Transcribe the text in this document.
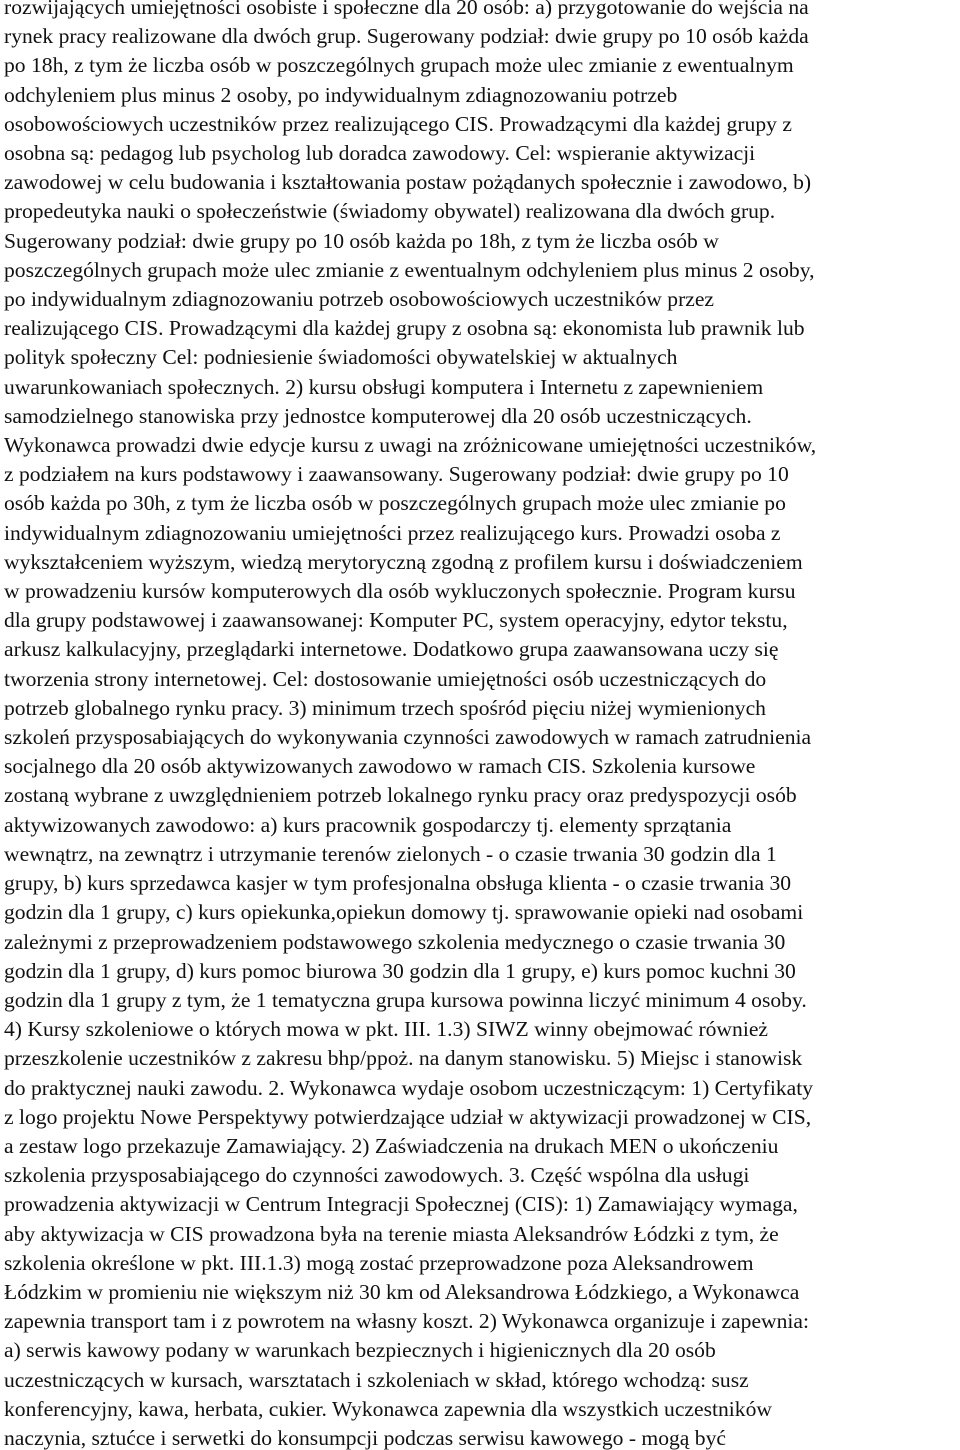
rozwijających umiejętności osobiste i społeczne dla 20 osób: a) przygotowanie do wejścia na
rynek pracy realizowane dla dwóch grup. Sugerowany podział: dwie grupy po 10 osób każda
po 18h, z tym że liczba osób w poszczególnych grupach może ulec zmianie z ewentualnym
odchyleniem plus minus 2 osoby, po indywidualnym zdiagnozowaniu potrzeb
osobowościowych uczestników przez realizującego CIS. Prowadzącymi dla każdej grupy z
osobna są: pedagog lub psycholog lub doradca zawodowy. Cel: wspieranie aktywizacji
zawodowej w celu budowania i kształtowania postaw pożądanych społecznie i zawodowo, b)
propedeutyka nauki o społeczeństwie (świadomy obywatel) realizowana dla dwóch grup.
Sugerowany podział: dwie grupy po 10 osób każda po 18h, z tym że liczba osób w
poszczególnych grupach może ulec zmianie z ewentualnym odchyleniem plus minus 2 osoby,
po indywidualnym zdiagnozowaniu potrzeb osobowościowych uczestników przez
realizującego CIS. Prowadzącymi dla każdej grupy z osobna są: ekonomista lub prawnik lub
polityk społeczny Cel: podniesienie świadomości obywatelskiej w aktualnych
uwarunkowaniach społecznych. 2) kursu obsługi komputera i Internetu z zapewnieniem
samodzielnego stanowiska przy jednostce komputerowej dla 20 osób uczestniczących.
Wykonawca prowadzi dwie edycje kursu z uwagi na zróżnicowane umiejętności uczestników,
z podziałem na kurs podstawowy i zaawansowany. Sugerowany podział: dwie grupy po 10
osób każda po 30h, z tym że liczba osób w poszczególnych grupach może ulec zmianie po
indywidualnym zdiagnozowaniu umiejętności przez realizującego kurs. Prowadzi osoba z
wykształceniem wyższym, wiedzą merytoryczną zgodną z profilem kursu i doświadczeniem
w prowadzeniu kursów komputerowych dla osób wykluczonych społecznie. Program kursu
dla grupy podstawowej i zaawansowanej: Komputer PC, system operacyjny, edytor tekstu,
arkusz kalkulacyjny, przeglądarki internetowe. Dodatkowo grupa zaawansowana uczy się
tworzenia strony internetowej. Cel: dostosowanie umiejętności osób uczestniczących do
potrzeb globalnego rynku pracy. 3) minimum trzech spośród pięciu niżej wymienionych
szkoleń przysposabiających do wykonywania czynności zawodowych w ramach zatrudnienia
socjalnego dla 20 osób aktywizowanych zawodowo w ramach CIS. Szkolenia kursowe
zostaną wybrane z uwzględnieniem potrzeb lokalnego rynku pracy oraz predyspozycji osób
aktywizowanych zawodowo: a) kurs pracownik gospodarczy tj. elementy sprzątania
wewnątrz, na zewnątrz i utrzymanie terenów zielonych - o czasie trwania 30 godzin dla 1
grupy, b) kurs sprzedawca kasjer w tym profesjonalna obsługa klienta - o czasie trwania 30
godzin dla 1 grupy, c) kurs opiekunka,opiekun domowy tj. sprawowanie opieki nad osobami
zależnymi z przeprowadzeniem podstawowego szkolenia medycznego o czasie trwania 30
godzin dla 1 grupy, d) kurs pomoc biurowa 30 godzin dla 1 grupy, e) kurs pomoc kuchni 30
godzin dla 1 grupy z tym, że 1 tematyczna grupa kursowa powinna liczyć minimum 4 osoby.
4) Kursy szkoleniowe o których mowa w pkt. III. 1.3) SIWZ winny obejmować również
przeszkolenie uczestników z zakresu bhp/ppoż. na danym stanowisku. 5) Miejsc i stanowisk
do praktycznej nauki zawodu. 2. Wykonawca wydaje osobom uczestniczącym: 1) Certyfikaty
z logo projektu Nowe Perspektywy potwierdzające udział w aktywizacji prowadzonej w CIS,
a zestaw logo przekazuje Zamawiający. 2) Zaświadczenia na drukach MEN o ukończeniu
szkolenia przysposabiającego do czynności zawodowych. 3. Część wspólna dla usługi
prowadzenia aktywizacji w Centrum Integracji Społecznej (CIS): 1) Zamawiający wymaga,
aby aktywizacja w CIS prowadzona była na terenie miasta Aleksandrów Łódzki z tym, że
szkolenia określone w pkt. III.1.3) mogą zostać przeprowadzone poza Aleksandrowem
Łódzkim w promieniu nie większym niż 30 km od Aleksandrowa Łódzkiego, a Wykonawca
zapewnia transport tam i z powrotem na własny koszt. 2) Wykonawca organizuje i zapewnia:
a) serwis kawowy podany w warunkach bezpiecznych i higienicznych dla 20 osób
uczestniczących w kursach, warsztatach i szkoleniach w skład, którego wchodzą: susz
konferencyjny, kawa, herbata, cukier. Wykonawca zapewnia dla wszystkich uczestników
naczynia, sztućce i serwetki do konsumpcji podczas serwisu kawowego - mogą być
